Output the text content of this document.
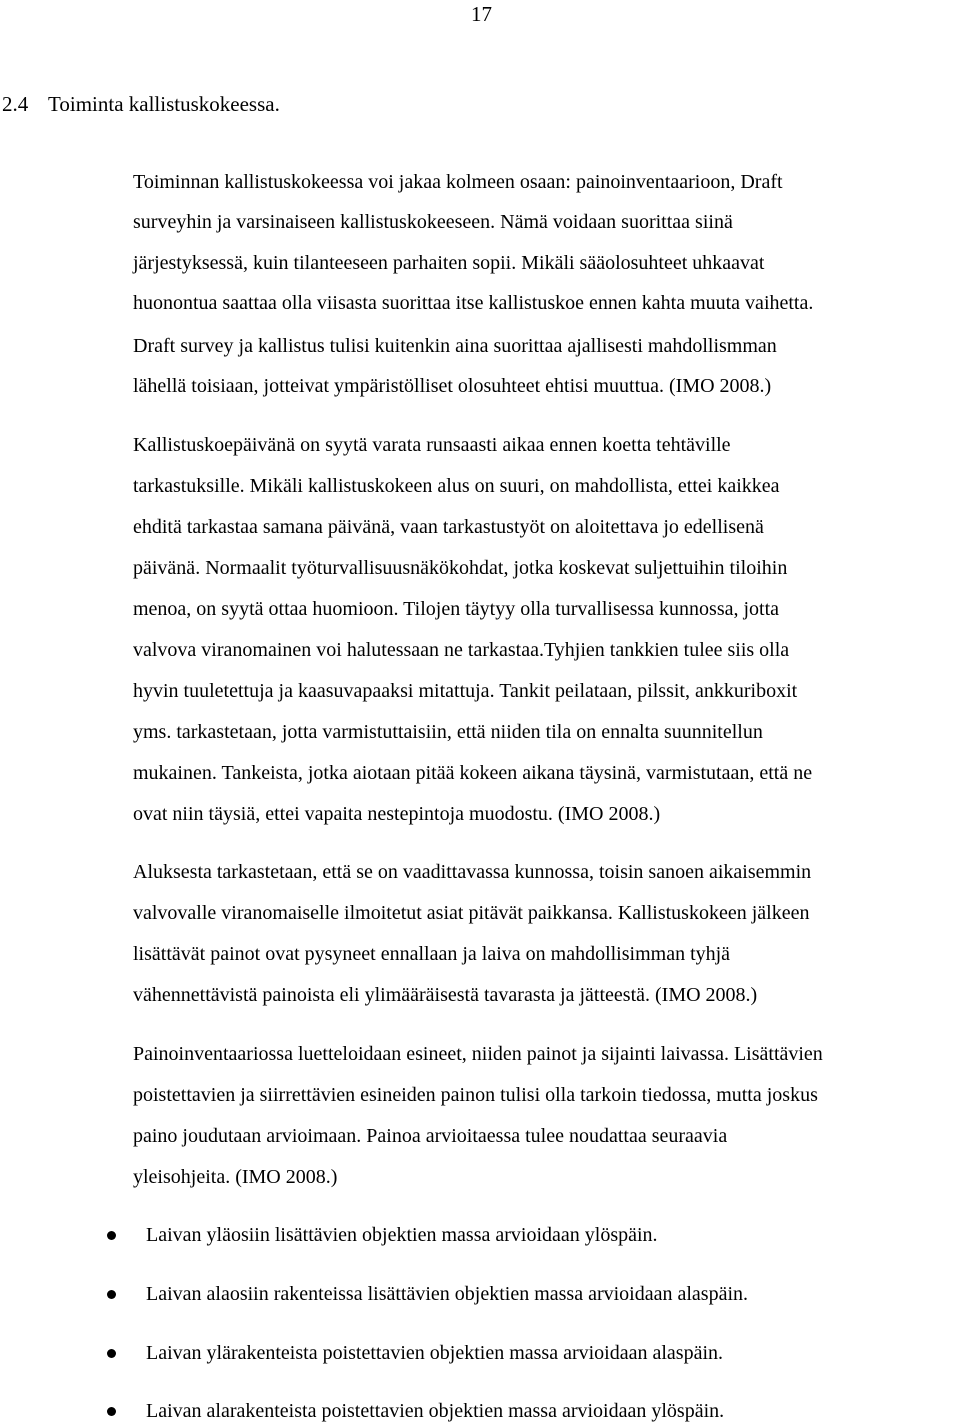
17
2.4 Toiminta kallistuskokeessa.
Toiminnan kallistuskokeessa voi jakaa kolmeen osaan: painoinventaarioon, Draft
surveyhin ja varsinaiseen kallistuskokeeseen. Nämä voidaan suorittaa siinä
järjestyksessä, kuin tilanteeseen parhaiten sopii. Mikäli sääolosuhteet uhkaavat
huonontua saattaa olla viisasta suorittaa itse kallistuskoe ennen kahta muuta vaihetta.
Draft survey ja kallistus tulisi kuitenkin aina suorittaa ajallisesti mahdollismman
lähellä toisiaan, jotteivat ympäristölliset olosuhteet ehtisi muuttua. (IMO 2008.)
Kallistuskoepäivänä on syytä varata runsaasti aikaa ennen koetta tehtäville
tarkastuksille. Mikäli kallistuskokeen alus on suuri, on mahdollista, ettei kaikkea
ehditä tarkastaa samana päivänä, vaan tarkastustyöt on aloitettava jo edellisenä
päivänä. Normaalit työturvallisuusnäkökohdat, jotka koskevat suljettuihin tiloihin
menoa, on syytä ottaa huomioon. Tilojen täytyy olla turvallisessa kunnossa, jotta
valvova viranomainen voi halutessaan ne tarkastaa.Tyhjien tankkien tulee siis olla
hyvin tuuletettuja ja kaasuvapaaksi mitattuja. Tankit peilataan, pilssit, ankkuriboxit
yms. tarkastetaan, jotta varmistuttaisiin, että niiden tila on ennalta suunnitellun
mukainen. Tankeista, jotka aiotaan pitää kokeen aikana täysinä, varmistutaan, että ne
ovat niin täysiä, ettei vapaita nestepintoja muodostu. (IMO 2008.)
Aluksesta tarkastetaan, että se on vaadittavassa kunnossa, toisin sanoen aikaisemmin
valvovalle viranomaiselle ilmoitetut asiat pitävät paikkansa. Kallistuskokeen jälkeen
lisättävät painot ovat pysyneet ennallaan ja laiva on mahdollisimman tyhjä
vähennettävistä painoista eli ylimääräisestä tavarasta ja jätteestä. (IMO 2008.)
Painoinventaariossa luetteloidaan esineet, niiden painot ja sijainti laivassa. Lisättävien
poistettavien ja siirrettävien esineiden painon tulisi olla tarkoin tiedossa, mutta joskus
paino joudutaan arvioimaan. Painoa arvioitaessa tulee noudattaa seuraavia
yleisohjeita. (IMO 2008.)
Laivan yläosiin lisättävien objektien massa arvioidaan ylöspäin.
Laivan alaosiin rakenteissa lisättävien objektien massa arvioidaan alaspäin.
Laivan ylärakenteista poistettavien objektien massa arvioidaan alaspäin.
Laivan alarakenteista poistettavien objektien massa arvioidaan ylöspäin.
